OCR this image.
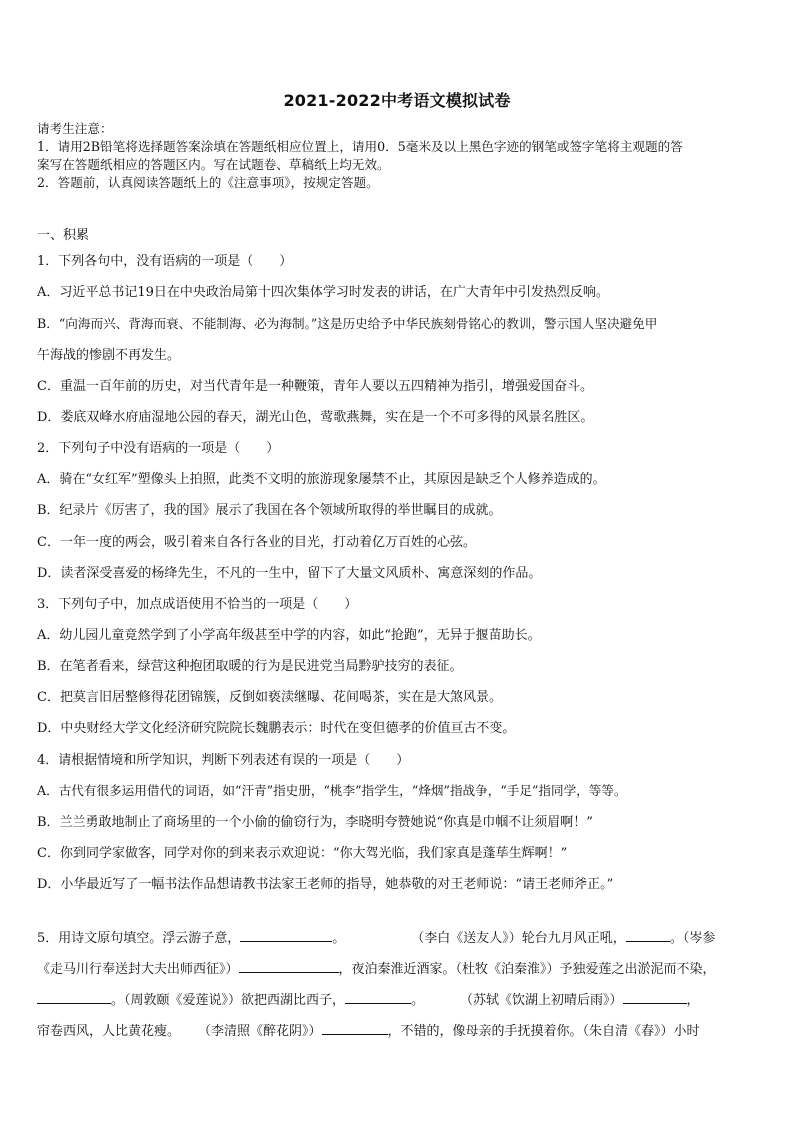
2021-2022中考语文模拟试卷
请考生注意：
1．请用2B铅笔将选择题答案涂填在答题纸相应位置上，请用0．5毫米及以上黑色字迹的钢笔或签字笔将主观题的答
案写在答题纸相应的答题区内。写在试题卷、草稿纸上均无效。
2．答题前，认真阅读答题纸上的《注意事项》，按规定答题。
一、积累
1．下列各句中，没有语病的一项是（　　）
A．习近平总书记19日在中央政治局第十四次集体学习时发表的讲话，在广大青年中引发热烈反响。
B．“向海而兴、背海而衰、不能制海、必为海制。”这是历史给予中华民族刻骨铭心的教训，警示国人坚决避免甲
午海战的惨剧不再发生。
C．重温一百年前的历史，对当代青年是一种鞭策，青年人要以五四精神为指引，增强爱国奋斗。
D．娄底双峰水府庙湿地公园的春天，湖光山色，莺歌燕舞，实在是一个不可多得的风景名胜区。
2．下列句子中没有语病的一项是（　　）
A．骑在“女红军”塑像头上拍照，此类不文明的旅游现象屡禁不止，其原因是缺乏个人修养造成的。
B．纪录片《厉害了，我的国》展示了我国在各个领域所取得的举世瞩目的成就。
C．一年一度的两会，吸引着来自各行各业的目光，打动着亿万百姓的心弦。
D．读者深受喜爱的杨绛先生，不凡的一生中，留下了大量文风质朴、寓意深刻的作品。
3．下列句子中，加点成语使用不恰当的一项是（　　）
A．幼儿园儿童竟然学到了小学高年级甚至中学的内容，如此“抢跑”，无异于揠苗助长。
B．在笔者看来，绿营这种抱团取暖的行为是民进党当局黔驴技穷的表征。
C．把莫言旧居整修得花团锦簇，反倒如亵渎继曝、花间喝茶，实在是大煞风景。
D．中央财经大学文化经济研究院院长魏鹏表示：时代在变但德孝的价值亘古不变。
4．请根据情境和所学知识，判断下列表述有误的一项是（　　）
A．古代有很多运用借代的词语，如“汗青”指史册，“桃李”指学生，“烽烟”指战争，“手足”指同学，等等。
B．兰兰勇敢地制止了商场里的一个小偷的偷窃行为，李晓明夸赞她说“你真是巾帼不让须眉啊！”
C．你到同学家做客，同学对你的到来表示欢迎说：“你大驾光临，我们家真是蓬荜生辉啊！”
D．小华最近写了一幅书法作品想请教书法家王老师的指导，她恭敬的对王老师说：“请王老师斧正。”
5．用诗文原句填空。浮云游子意，	。	（李白《送友人》）轮台九月风正吼，	。（岑参
《走马川行奉送封大夫出师西征》）	，夜泊秦淮近酒家。（杜牧《泊秦淮》）予独爱莲之出淤泥而不染，
。（周敦颐《爱莲说》）欲把西湖比西子，	。	（苏轼《饮湖上初晴后雨》）	，
帘卷西风，人比黄花瘦。 （李清照《醉花阴》）	，不错的，像母亲的手抚摸着你。（朱自清《春》）小时
